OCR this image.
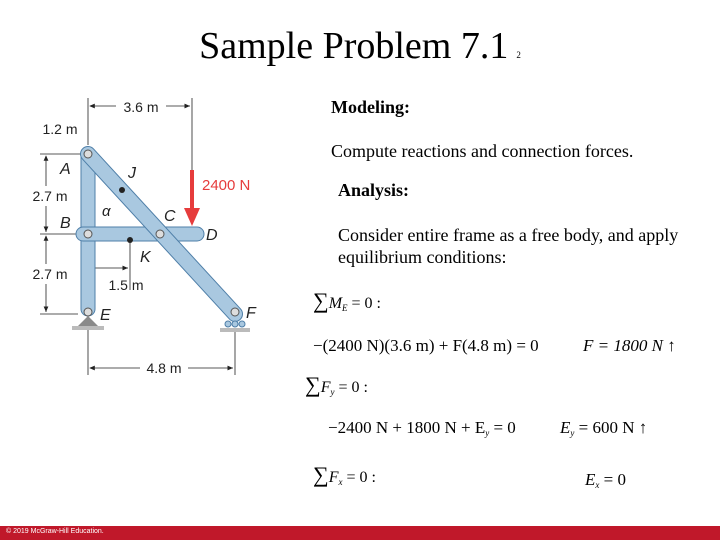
Sample Problem 7.1 2
3.6 m
1.2 m
2.7 m
2.7 m
1.5 m
4.8 m
2400 N
A
B
E
J
α	C
D
K
F
Modeling:
Compute reactions and connection forces.
Analysis:
Consider entire frame as a free body, and apply equilibrium conditions:
$\sum M_E = 0$ :
−(2400 N)(3.6 m) + F(4.8 m) = 0	F = 1800 N ↑
$\sum F_y = 0$ :
−2400 N + 1800 $N + E_y = 0$	$E_y = 600$ N ↑
$\sum F_x = 0$ :	$E_x = 0$
© 2019 McGraw-Hill Education.
